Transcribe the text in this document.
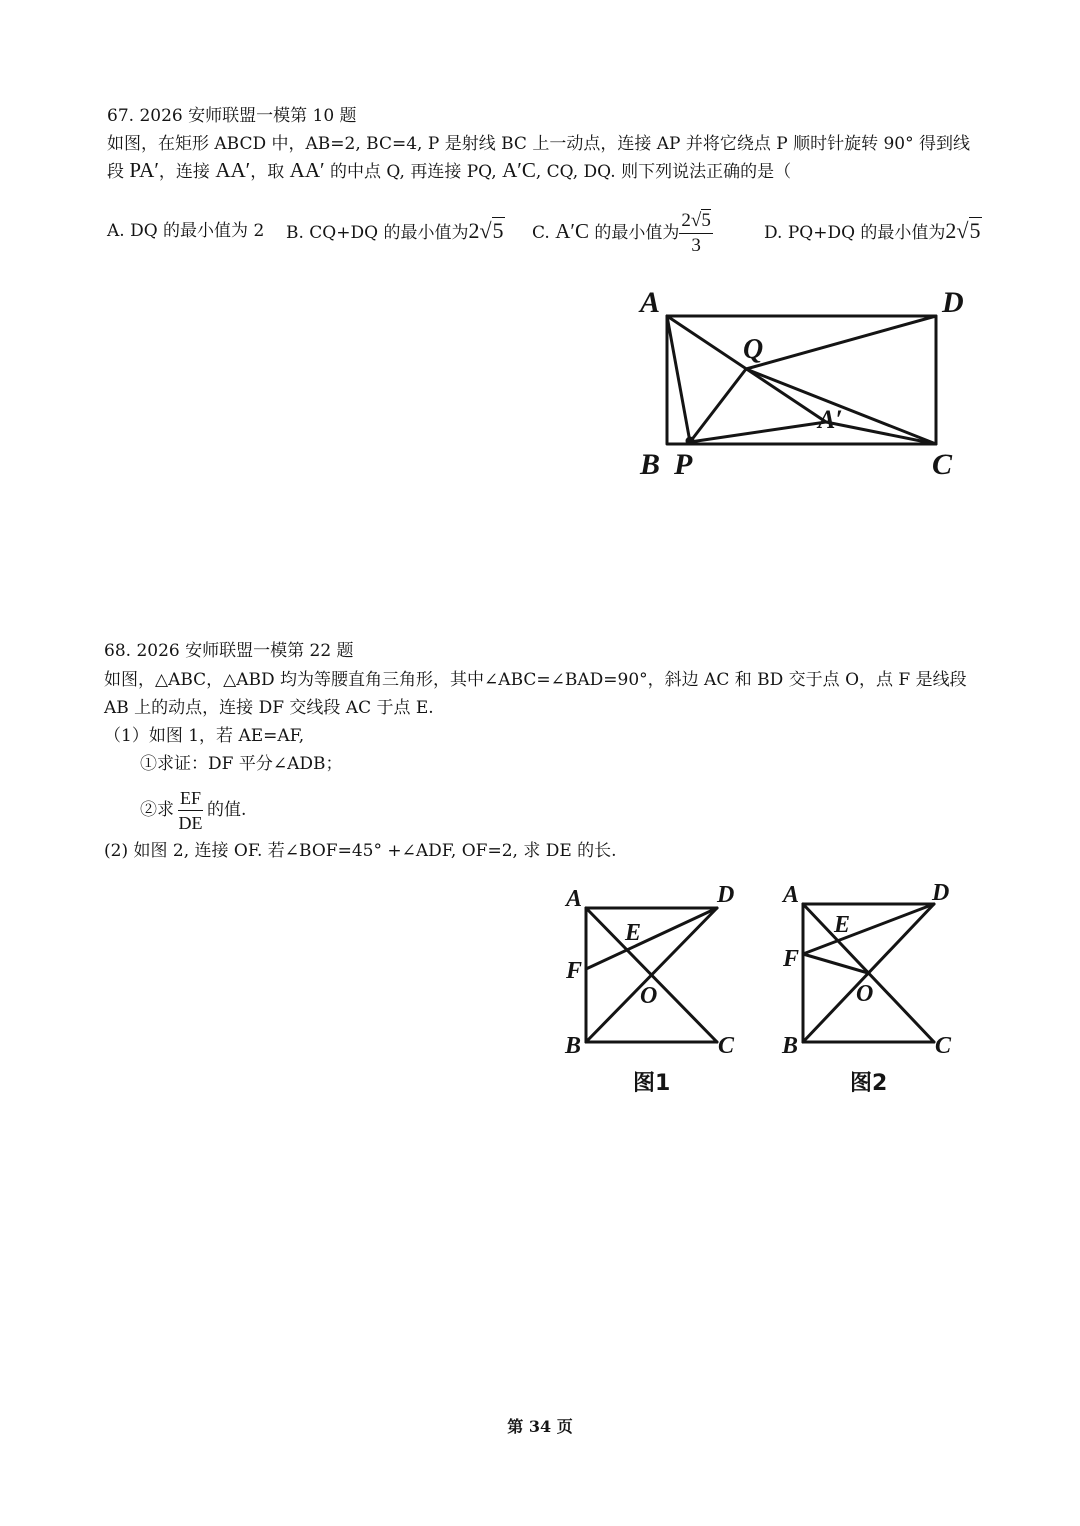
67. 2026 安师联盟一模第 10 题
如图，在矩形 ABCD 中，AB=2, BC=4, P 是射线 BC 上一动点，连接 AP 并将它绕点 P 顺时针旋转 90° 得到线
段 PA′，连接 AA′，取 AA′ 的中点 Q, 再连接 PQ, A′C, CQ, DQ. 则下列说法正确的是（
A. DQ 的最小值为 2 B. CQ+DQ 的最小值为2√5 C. A′C 的最小值为 $\frac{2√5}{3}$	D. PQ+DQ 的最小值为2√5
A	D
Q
A′
B P	C
68. 2026 安师联盟一模第 22 题
如图，△ABC，△ABD 均为等腰直角三角形，其中∠ABC=∠BAD=90°，斜边 AC 和 BD 交于点 O，点 F 是线段
AB 上的动点，连接 DF 交线段 AC 于点 E.
（1）如图 1，若 AE=AF,
①求证：DF 平分∠ADB；
②求 $\frac{EF}{DE}$ 的值.
(2) 如图 2, 连接 OF. 若∠BOF=45° +∠ADF, OF=2, 求 DE 的长.
A	D
E
F
O
B	C
图1
A	D
E
F
O
B	C
图2
第 34 页
